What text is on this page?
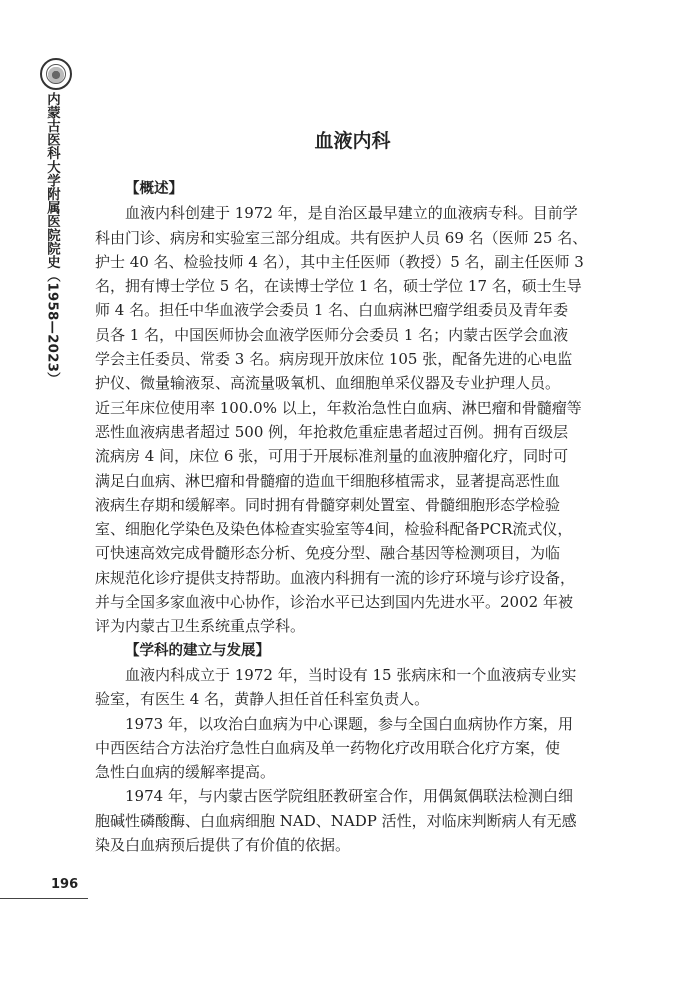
内蒙古医科大学附属医院院史（1958—2023）
196
血液内科
【概述】
血液内科创建于 1972 年，是自治区最早建立的血液病专科。目前学
科由门诊、病房和实验室三部分组成。共有医护人员 69 名（医师 25 名、
护士 40 名、检验技师 4 名），其中主任医师（教授）5 名，副主任医师 3
名，拥有博士学位 5 名，在读博士学位 1 名，硕士学位 17 名，硕士生导
师 4 名。担任中华血液学会委员 1 名、白血病淋巴瘤学组委员及青年委
员各 1 名，中国医师协会血液学医师分会委员 1 名；内蒙古医学会血液
学会主任委员、常委 3 名。病房现开放床位 105 张，配备先进的心电监
护仪、微量输液泵、高流量吸氧机、血细胞单采仪器及专业护理人员。
近三年床位使用率 100.0% 以上，年救治急性白血病、淋巴瘤和骨髓瘤等
恶性血液病患者超过 500 例，年抢救危重症患者超过百例。拥有百级层
流病房 4 间，床位 6 张，可用于开展标准剂量的血液肿瘤化疗，同时可
满足白血病、淋巴瘤和骨髓瘤的造血干细胞移植需求，显著提高恶性血
液病生存期和缓解率。同时拥有骨髓穿刺处置室、骨髓细胞形态学检验
室、细胞化学染色及染色体检查实验室等4间，检验科配备PCR流式仪，
可快速高效完成骨髓形态分析、免疫分型、融合基因等检测项目，为临
床规范化诊疗提供支持帮助。血液内科拥有一流的诊疗环境与诊疗设备，
并与全国多家血液中心协作，诊治水平已达到国内先进水平。2002 年被
评为内蒙古卫生系统重点学科。
【学科的建立与发展】
血液内科成立于 1972 年，当时设有 15 张病床和一个血液病专业实
验室，有医生 4 名，黄静人担任首任科室负责人。
1973 年，以攻治白血病为中心课题，参与全国白血病协作方案，用
中西医结合方法治疗急性白血病及单一药物化疗改用联合化疗方案，使
急性白血病的缓解率提高。
1974 年，与内蒙古医学院组胚教研室合作，用偶氮偶联法检测白细
胞碱性磷酸酶、白血病细胞 NAD、NADP 活性，对临床判断病人有无感
染及白血病预后提供了有价值的依据。
